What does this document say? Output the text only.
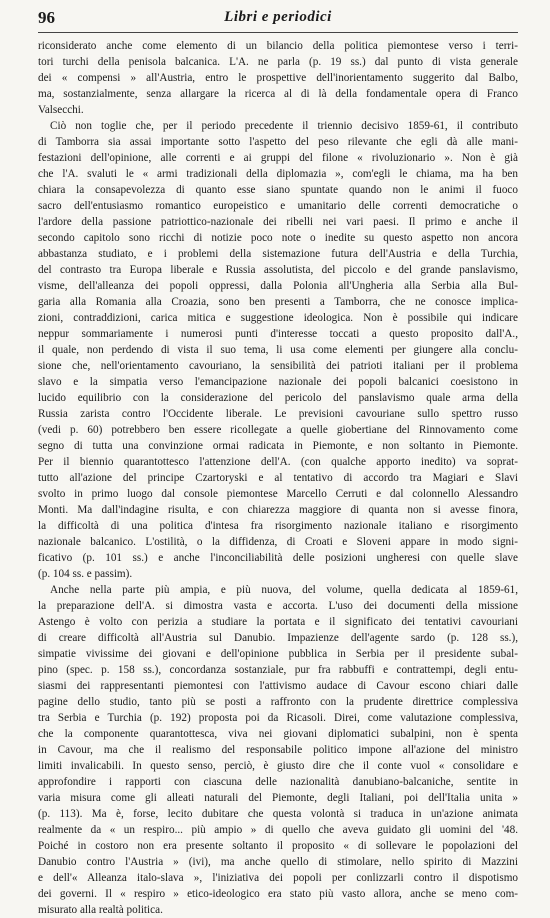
96	Libri e periodici
riconsiderato anche come elemento di un bilancio della politica piemontese verso i terri-
tori turchi della penisola balcanica. L'A. ne parla (p. 19 ss.) dal punto di vista generale
dei « compensi » all'Austria, entro le prospettive dell'inorientamento suggerito dal Balbo,
ma, sostanzialmente, senza allargare la ricerca al di là della fondamentale opera di Franco
Valsecchi.
Ciò non toglie che, per il periodo precedente il triennio decisivo 1859-61, il contributo
di Tamborra sia assai importante sotto l'aspetto del peso rilevante che egli dà alle mani-
festazioni dell'opinione, alle correnti e ai gruppi del filone « rivoluzionario ». Non è già
che l'A. svaluti le « armi tradizionali della diplomazia », com'egli le chiama, ma ha ben
chiara la consapevolezza di quanto esse siano spuntate quando non le animi il fuoco
sacro dell'entusiasmo romantico europeistico e umanitario delle correnti democratiche o
l'ardore della passione patriottico-nazionale dei ribelli nei vari paesi. Il primo e anche il
secondo capitolo sono ricchi di notizie poco note o inedite su questo aspetto non ancora
abbastanza studiato, e i problemi della sistemazione futura dell'Austria e della Turchia,
del contrasto tra Europa liberale e Russia assolutista, del piccolo e del grande panslavismo,
visme, dell'alleanza dei popoli oppressi, dalla Polonia all'Ungheria alla Serbia alla Bul-
garia alla Romania alla Croazia, sono ben presenti a Tamborra, che ne conosce implica-
zioni, contraddizioni, carica mitica e suggestione ideologica. Non è possibile qui indicare
neppur sommariamente i numerosi punti d'interesse toccati a questo proposito dall'A.,
il quale, non perdendo di vista il suo tema, li usa come elementi per giungere alla conclu-
sione che, nell'orientamento cavouriano, la sensibilità dei patrioti italiani per il problema
slavo e la simpatia verso l'emancipazione nazionale dei popoli balcanici coesistono in
lucido equilibrio con la considerazione del pericolo del panslavismo quale arma della
Russia zarista contro l'Occidente liberale. Le previsioni cavouriane sullo spettro russo
(vedi p. 60) potrebbero ben essere ricollegate a quelle giobertiane del Rinnovamento come
segno di tutta una convinzione ormai radicata in Piemonte, e non soltanto in Piemonte.
Per il biennio quarantottesco l'attenzione dell'A. (con qualche apporto inedito) va soprat-
tutto all'azione del principe Czartoryski e al tentativo di accordo tra Magiari e Slavi
svolto in primo luogo dal console piemontese Marcello Cerruti e dal colonnello Alessandro
Monti. Ma dall'indagine risulta, e con chiarezza maggiore di quanta non si avesse finora,
la difficoltà di una politica d'intesa fra risorgimento nazionale italiano e risorgimento
nazionale balcanico. L'ostilità, o la diffidenza, di Croati e Sloveni appare in modo signi-
ficativo (p. 101 ss.) e anche l'inconciliabilità delle posizioni ungheresi con quelle slave
(p. 104 ss. e passim).
Anche nella parte più ampia, e più nuova, del volume, quella dedicata al 1859-61,
la preparazione dell'A. si dimostra vasta e accorta. L'uso dei documenti della missione
Astengo è volto con perizia a studiare la portata e il significato dei tentativi cavouriani
di creare difficoltà all'Austria sul Danubio. Impazienze dell'agente sardo (p. 128 ss.),
simpatie vivissime dei giovani e dell'opinione pubblica in Serbia per il presidente subal-
pino (spec. p. 158 ss.), concordanza sostanziale, pur fra rabbuffi e contrattempi, degli entu-
siasmi dei rappresentanti piemontesi con l'attivismo audace di Cavour escono chiari dalle
pagine dello studio, tanto più se posti a raffronto con la prudente direttrice complessiva
tra Serbia e Turchia (p. 192) proposta poi da Ricasoli. Direi, come valutazione complessiva,
che la componente quarantottesca, viva nei giovani diplomatici subalpini, non è spenta
in Cavour, ma che il realismo del responsabile politico impone all'azione del ministro
limiti invalicabili. In questo senso, perciò, è giusto dire che il conte vuol « consolidare e
approfondire i rapporti con ciascuna delle nazionalità danubiano-balcaniche, sentite in
varia misura come gli alleati naturali del Piemonte, degli Italiani, poi dell'Italia unita »
(p. 113). Ma è, forse, lecito dubitare che questa volontà si traduca in un'azione animata
realmente da « un respiro... più ampio » di quello che aveva guidato gli uomini del '48.
Poiché in costoro non era presente soltanto il proposito « di sollevare le popolazioni del
Danubio contro l'Austria » (ivi), ma anche quello di stimolare, nello spirito di Mazzini
e dell'« Alleanza italo-slava », l'iniziativa dei popoli per conlizzarli contro il dispotismo
dei governi. Il « respiro » etico-ideologico era stato più vasto allora, anche se meno com-
misurato alla realtà politica.
